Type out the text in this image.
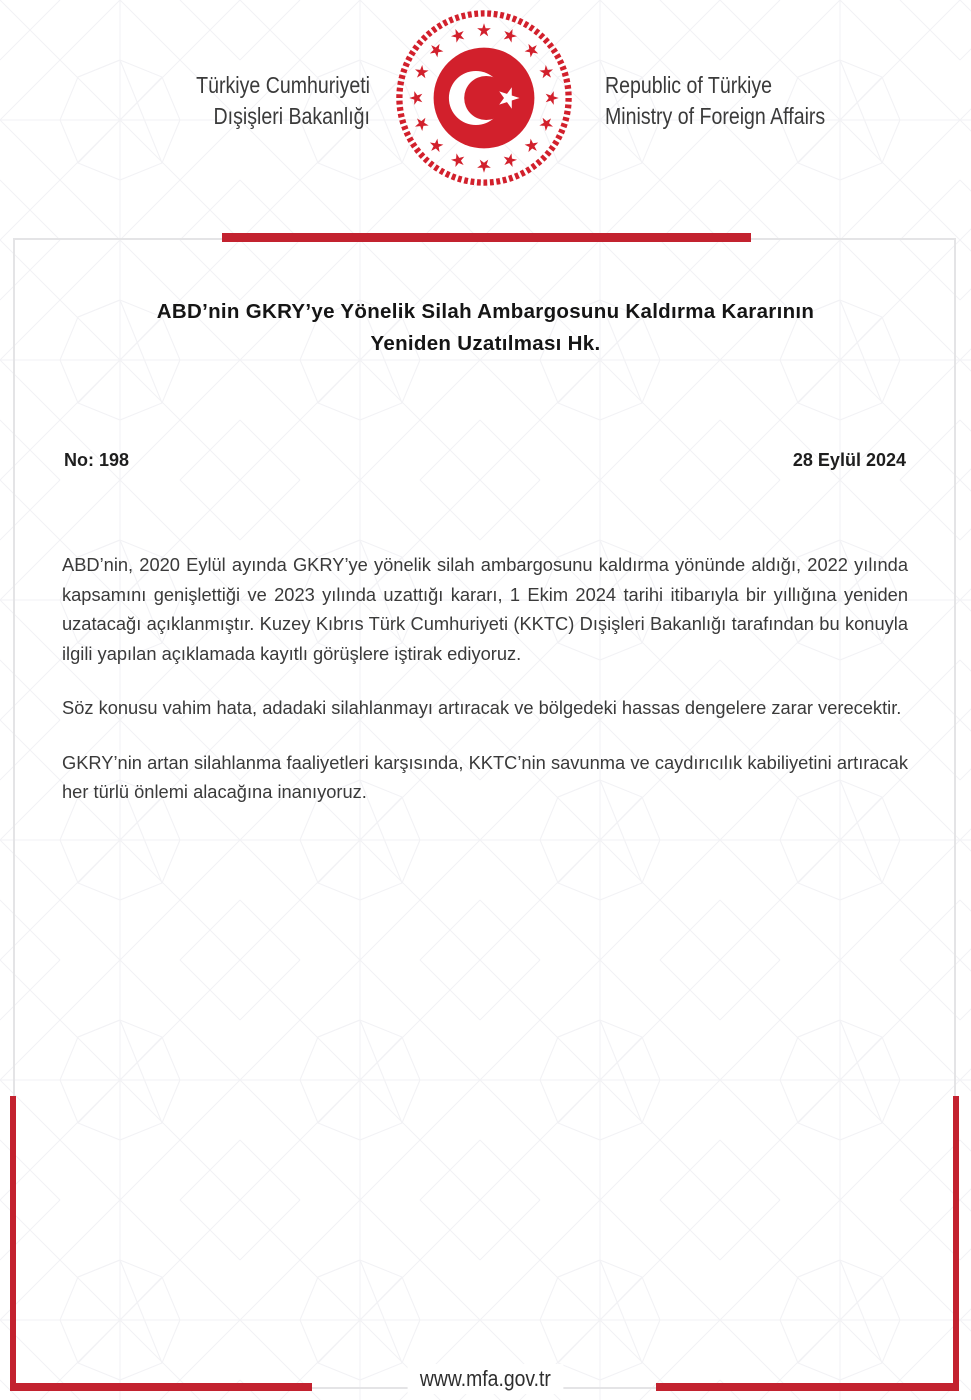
Türkiye Cumhuriyeti
Dışişleri Bakanlığı
Republic of Türkiye
Ministry of Foreign Affairs
ABD’nin GKRY’ye Yönelik Silah Ambargosunu Kaldırma Kararının
Yeniden Uzatılması Hk.
No: 198	28 Eylül 2024

ABD’nin, 2020 Eylül ayında GKRY’ye yönelik silah ambargosunu kaldırma yönünde aldığı, 2022 yılında kapsamını genişlettiği ve 2023 yılında uzattığı kararı, 1 Ekim 2024 tarihi itibarıyla bir yıllığına yeniden uzatacağı açıklanmıştır. Kuzey Kıbrıs Türk Cumhuriyeti (KKTC) Dışişleri Bakanlığı tarafından bu konuyla ilgili yapılan açıklamada kayıtlı görüşlere iştirak ediyoruz.

Söz konusu vahim hata, adadaki silahlanmayı artıracak ve bölgedeki hassas dengelere zarar verecektir.

GKRY’nin artan silahlanma faaliyetleri karşısında, KKTC’nin savunma ve caydırıcılık kabiliyetini artıracak her türlü önlemi alacağına inanıyoruz.

www.mfa.gov.tr
